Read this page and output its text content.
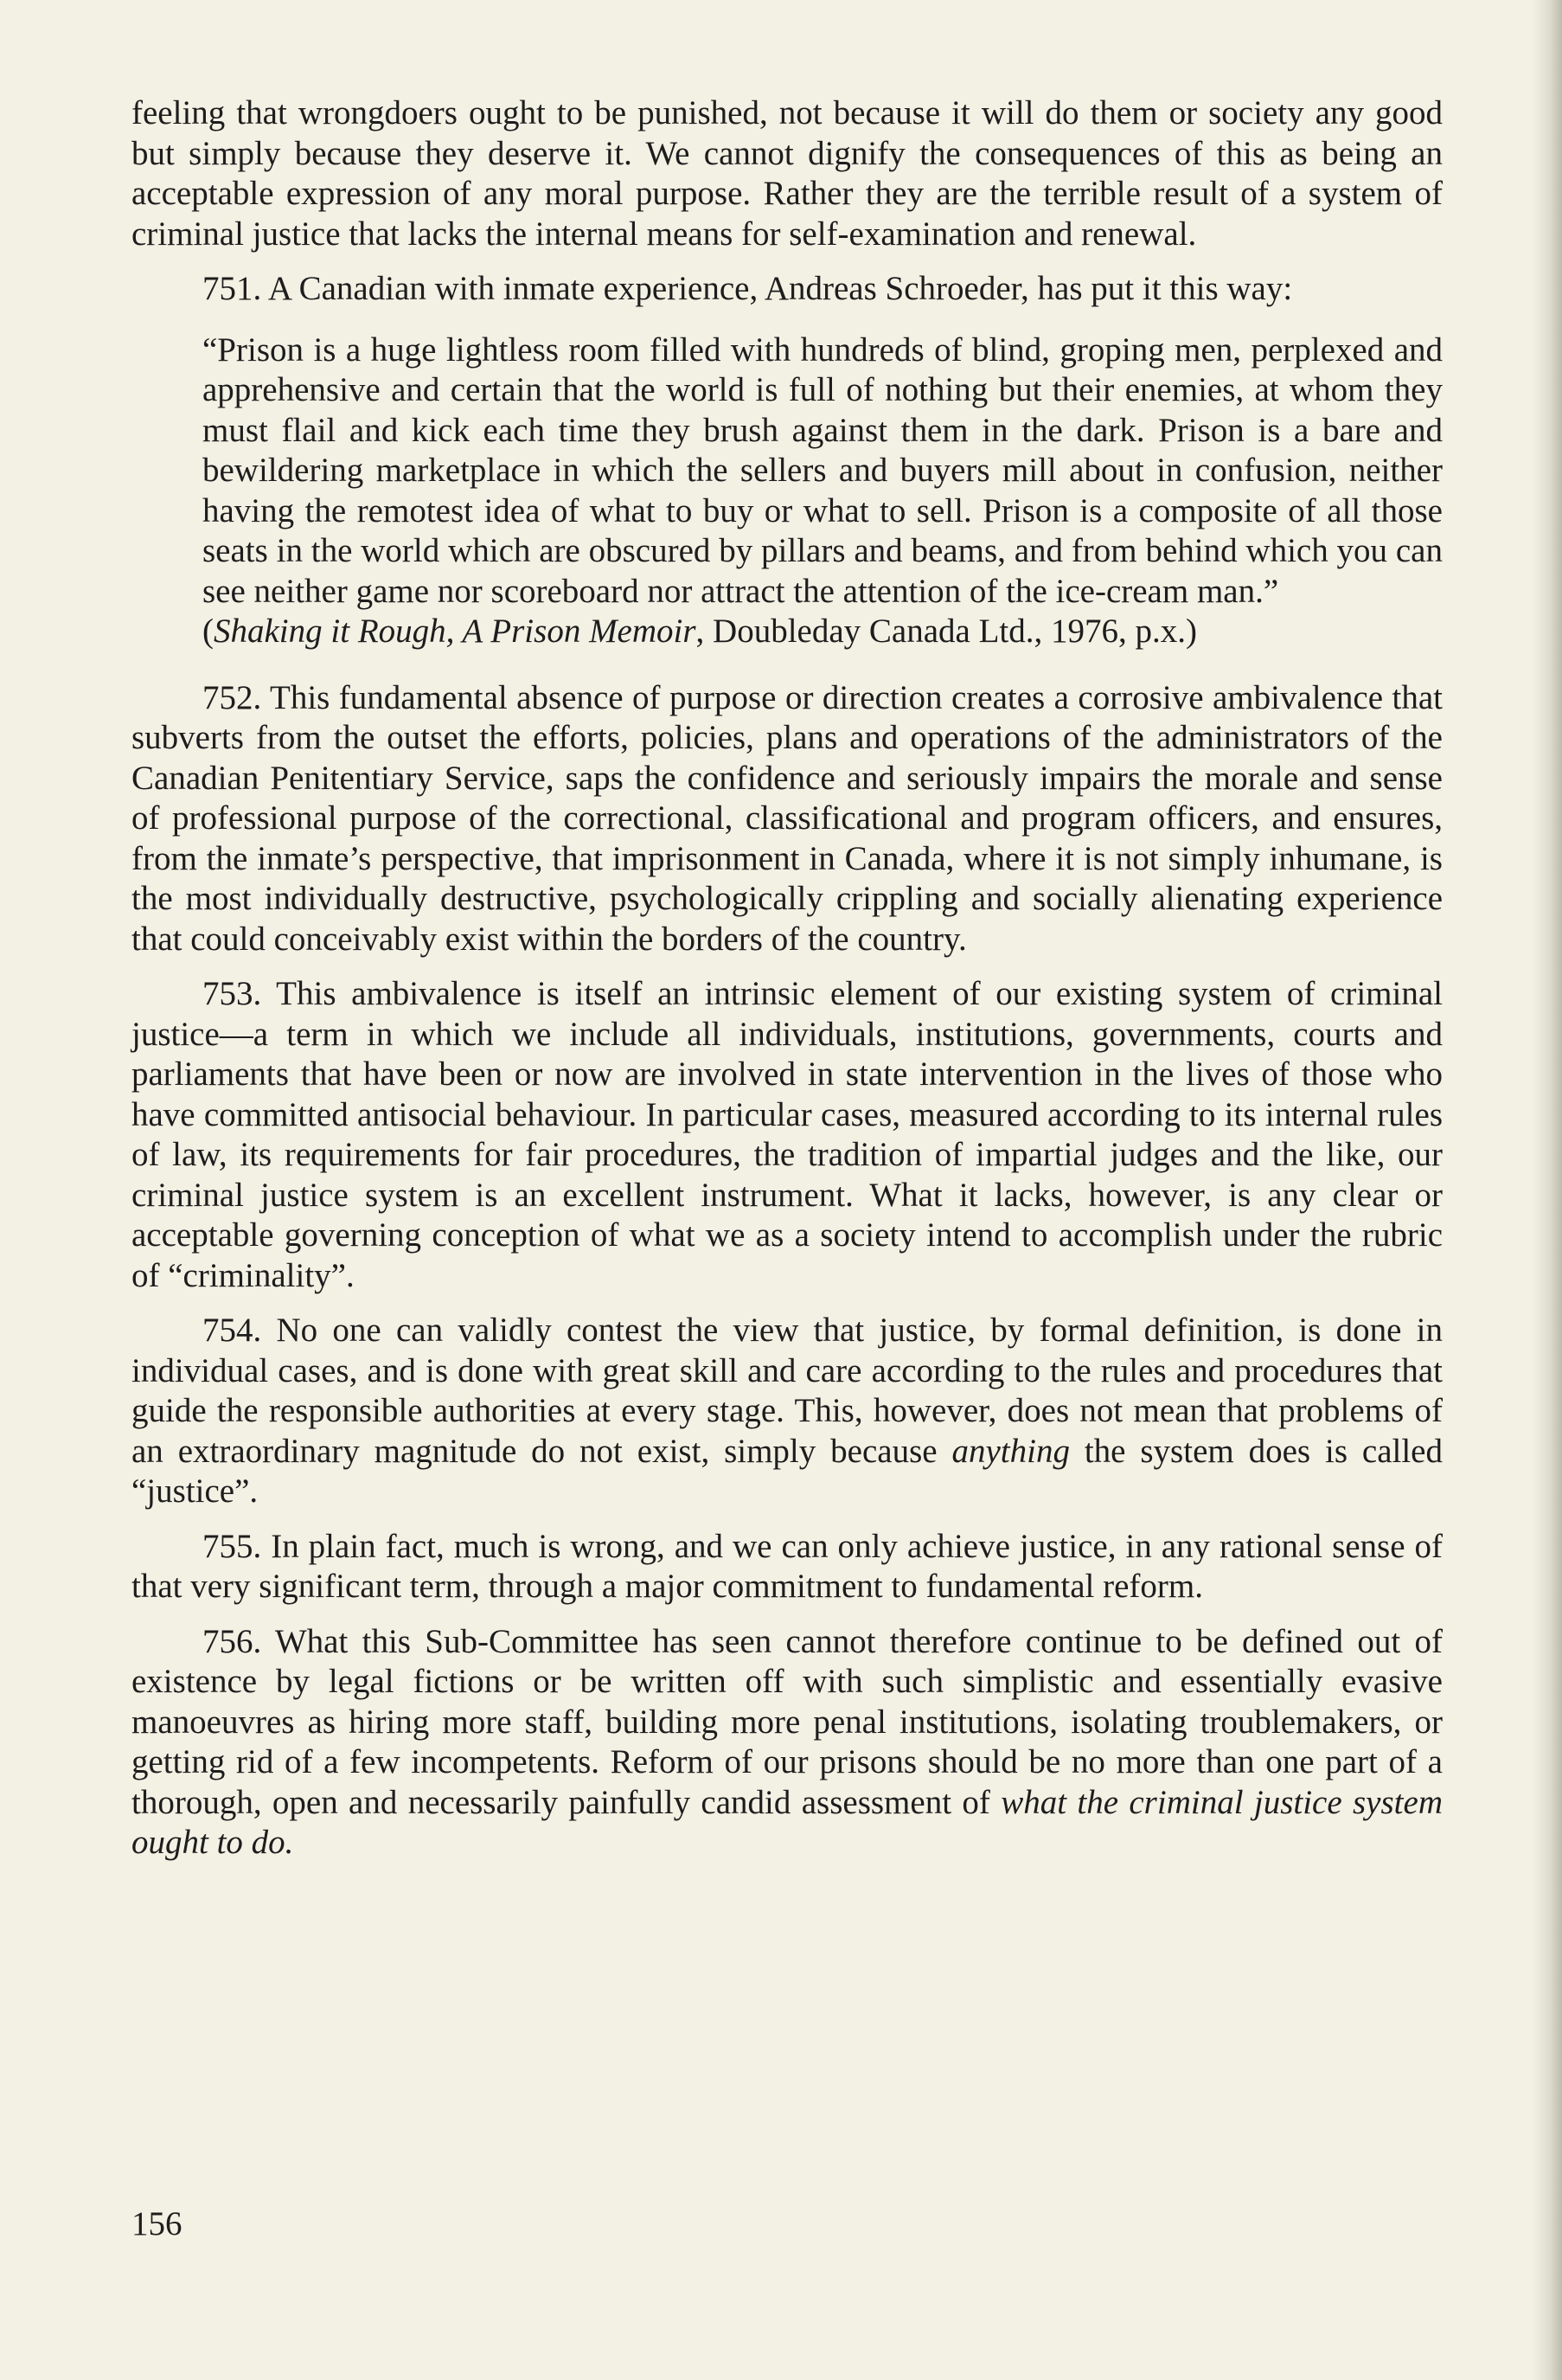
feeling that wrongdoers ought to be punished, not because it will do them or society any good but simply because they deserve it. We cannot dignify the consequences of this as being an acceptable expression of any moral purpose. Rather they are the terrible result of a system of criminal justice that lacks the internal means for self-examination and renewal.

751. A Canadian with inmate experience, Andreas Schroeder, has put it this way:

“Prison is a huge lightless room filled with hundreds of blind, groping men, perplexed and apprehensive and certain that the world is full of nothing but their enemies, at whom they must flail and kick each time they brush against them in the dark. Prison is a bare and bewildering marketplace in which the sellers and buyers mill about in confusion, neither having the remotest idea of what to buy or what to sell. Prison is a composite of all those seats in the world which are obscured by pillars and beams, and from behind which you can see neither game nor scoreboard nor attract the attention of the ice-cream man.”
(Shaking it Rough, A Prison Memoir, Doubleday Canada Ltd., 1976, p.x.)

752. This fundamental absence of purpose or direction creates a corrosive ambivalence that subverts from the outset the efforts, policies, plans and operations of the administrators of the Canadian Penitentiary Service, saps the confidence and seriously impairs the morale and sense of professional purpose of the correctional, classificational and program officers, and ensures, from the inmate’s perspective, that imprisonment in Canada, where it is not simply inhumane, is the most individually destructive, psychologically crippling and socially alienating experience that could conceivably exist within the borders of the country.

753. This ambivalence is itself an intrinsic element of our existing system of criminal justice—a term in which we include all individuals, institutions, governments, courts and parliaments that have been or now are involved in state intervention in the lives of those who have committed antisocial behaviour. In particular cases, measured according to its internal rules of law, its requirements for fair procedures, the tradition of impartial judges and the like, our criminal justice system is an excellent instrument. What it lacks, however, is any clear or acceptable governing conception of what we as a society intend to accomplish under the rubric of “criminality”.

754. No one can validly contest the view that justice, by formal definition, is done in individual cases, and is done with great skill and care according to the rules and procedures that guide the responsible authorities at every stage. This, however, does not mean that problems of an extraordinary magnitude do not exist, simply because anything the system does is called “justice”.

755. In plain fact, much is wrong, and we can only achieve justice, in any rational sense of that very significant term, through a major commitment to fundamental reform.

756. What this Sub-Committee has seen cannot therefore continue to be defined out of existence by legal fictions or be written off with such simplistic and essentially evasive manoeuvres as hiring more staff, building more penal institutions, isolating troublemakers, or getting rid of a few incompetents. Reform of our prisons should be no more than one part of a thorough, open and necessarily painfully candid assessment of what the criminal justice system ought to do.

156
